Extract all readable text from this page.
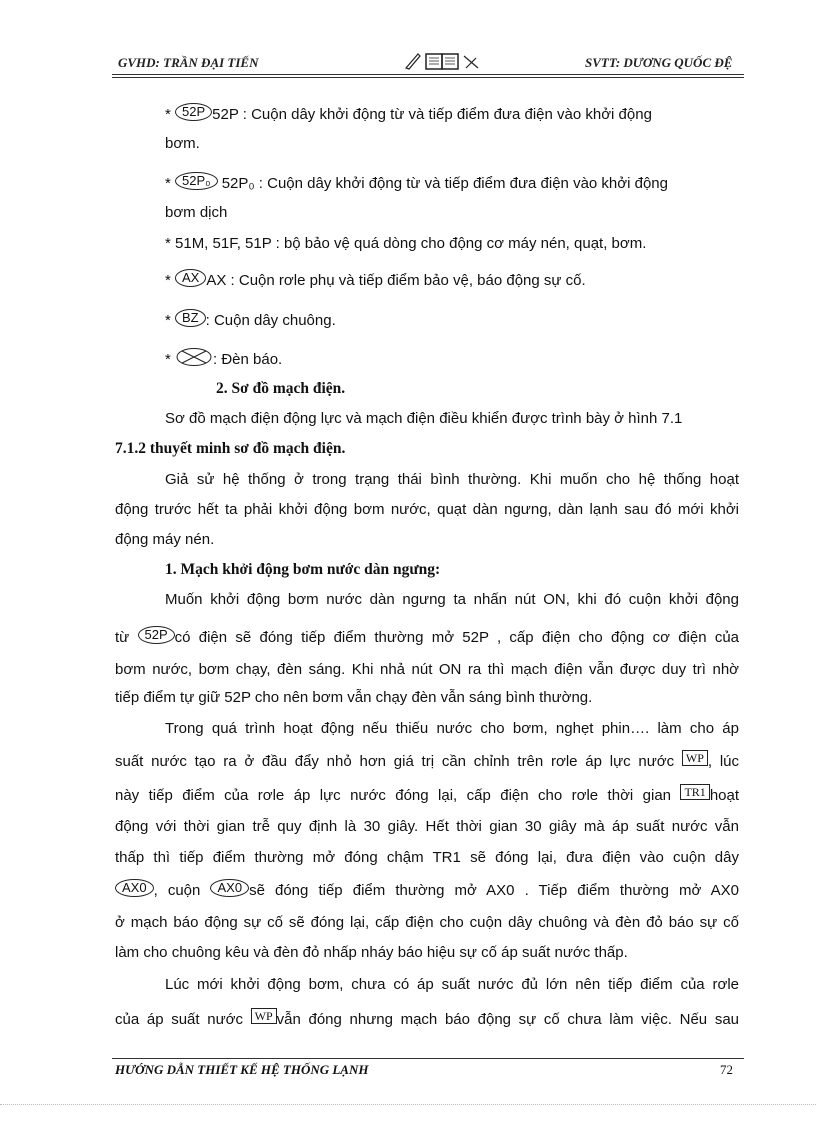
GVHD: TRẦN ĐẠI TIẾN	SVTT: DƯƠNG QUỐC ĐỆ
* 52P 52P : Cuộn dây khởi động từ và tiếp điểm đưa điện vào khởi động
bơm.
* 52P₀ 52P₀ : Cuộn dây khởi động từ và tiếp điểm đưa điện vào khởi động
bơm dịch
* 51M, 51F, 51P : bộ bảo vệ quá dòng cho động cơ máy nén, quạt, bơm.
* AX AX : Cuộn rơle phụ và tiếp điểm bảo vệ, báo động sự cố.
* BZ : Cuộn dây chuông.
*	: Đèn báo.
2. Sơ đồ mạch điện.
Sơ đồ mạch điện động lực và mạch điện điều khiển được trình bày ở hình 7.1
7.1.2 thuyết minh sơ đồ mạch điện.
Giả sử hệ thống ở trong trạng thái bình thường. Khi muốn cho hệ thống hoạt
động trước hết ta phải khởi động bơm nước, quạt dàn ngưng, dàn lạnh sau đó mới khởi
động máy nén.
1. Mạch khởi động bơm nước dàn ngưng:
Muốn khởi động bơm nước dàn ngưng ta nhấn nút ON, khi đó cuộn khởi động
từ 52P có điện sẽ đóng tiếp điểm thường mở 52P , cấp điện cho động cơ điện của
bơm nước, bơm chạy, đèn sáng. Khi nhả nút ON ra thì mạch điện vẫn được duy trì nhờ
tiếp điểm tự giữ 52P cho nên bơm vẫn chạy đèn vẫn sáng bình thường.
Trong quá trình hoạt động nếu thiếu nước cho bơm, nghẹt phin…. làm cho áp
suất nước tạo ra ở đầu đẩy nhỏ hơn giá trị cần chỉnh trên rơle áp lực nước WP , lúc
này tiếp điểm của rơle áp lực nước đóng lại, cấp điện cho rơle thời gian TR1 hoạt
động với thời gian trễ quy định là 30 giây. Hết thời gian 30 giây mà áp suất nước vẫn
thấp thì tiếp điểm thường mở đóng chậm TR1 sẽ đóng lại, đưa điện vào cuộn dây
AX0 , cuộn AX0 sẽ đóng tiếp điểm thường mở AX0 . Tiếp điểm thường mở AX0
ở mạch báo động sự cố sẽ đóng lại, cấp điện cho cuộn dây chuông và đèn đỏ báo sự cố
làm cho chuông kêu và đèn đỏ nhấp nháy báo hiệu sự cố áp suất nước thấp.
Lúc mới khởi động bơm, chưa có áp suất nước đủ lớn nên tiếp điểm của rơle
của áp suất nước WP vẫn đóng nhưng mạch báo động sự cố chưa làm việc. Nếu sau
HƯỚNG DẪN THIẾT KẾ HỆ THỐNG LẠNH	72
